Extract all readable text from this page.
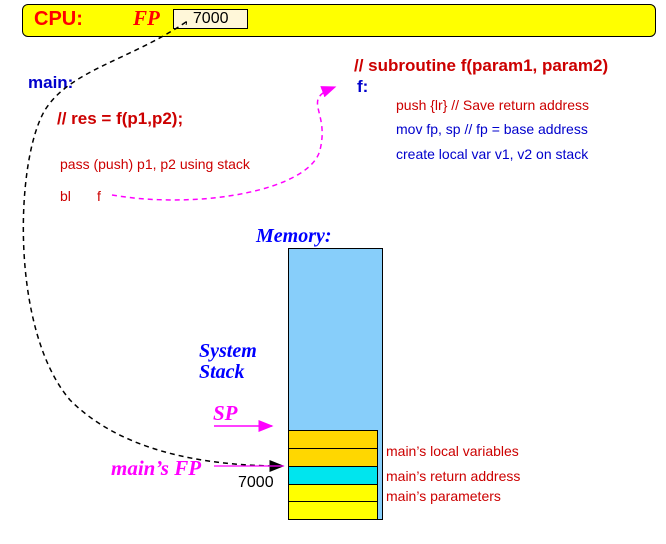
CPU: FP , 7000
main:
// res = f(p1,p2);
pass (push) p1, p2 using stack
bl f
// subroutine f(param1, param2)
f:
push {lr} // Save return address
mov fp, sp // fp = base address
create local var v1, v2 on stack
Memory:
System
Stack
SP
main’s FP
7000
main’s local variables
main’s return address
main’s parameters
